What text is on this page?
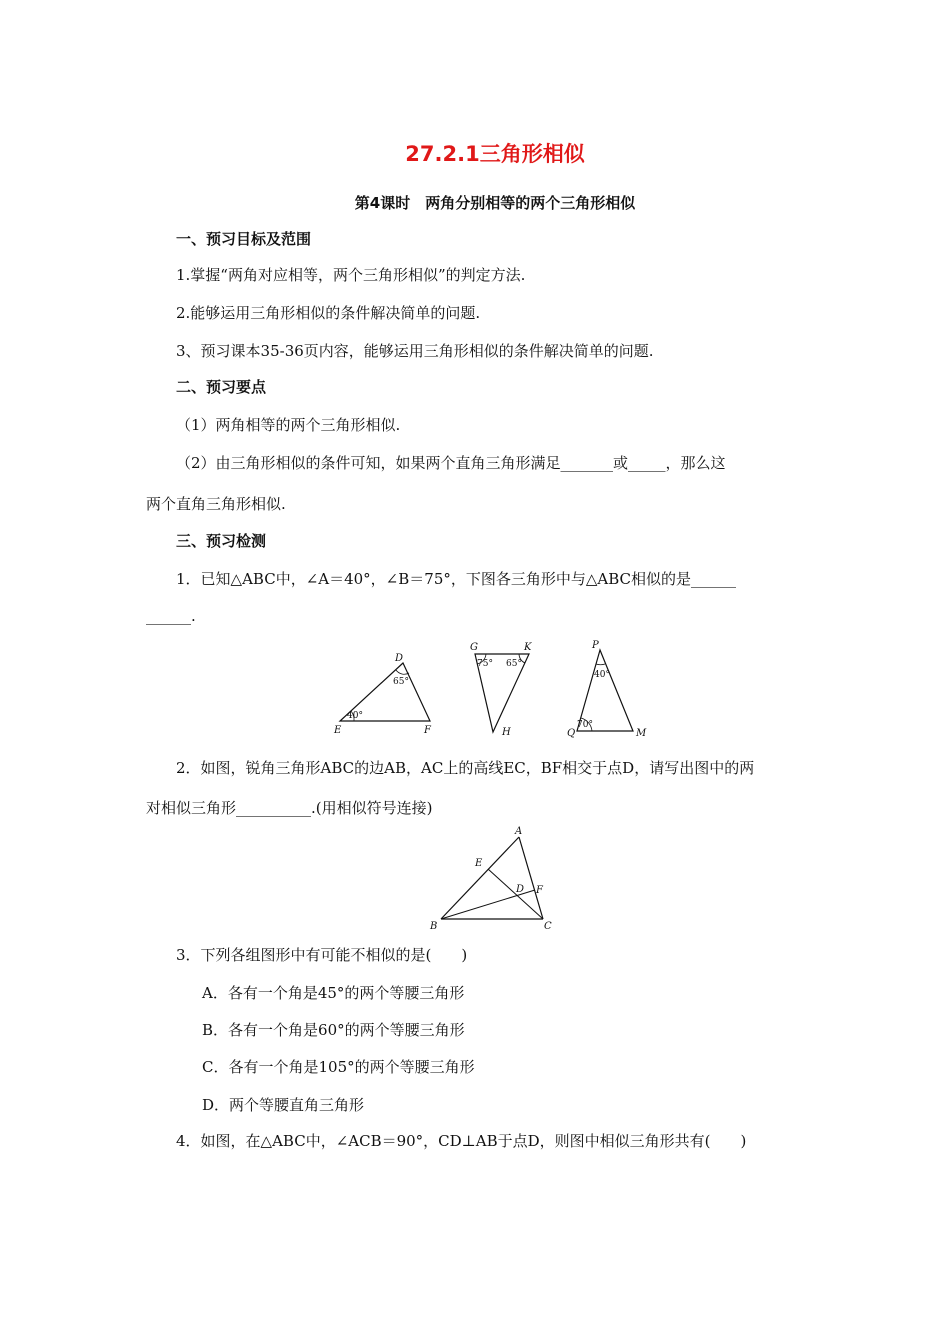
27.2.1三角形相似
第4课时　两角分别相等的两个三角形相似
一、预习目标及范围
1.掌握“两角对应相等，两个三角形相似”的判定方法.
2.能够运用三角形相似的条件解决简单的问题.
3、预习课本35-36页内容，能够运用三角形相似的条件解决简单的问题.
二、预习要点
（1）两角相等的两个三角形相似.
（2）由三角形相似的条件可知，如果两个直角三角形满足_______或_____，那么这
两个直角三角形相似.
三、预习检测
1．已知△ABC中，∠A＝40°，∠B＝75°，下图各三角形中与△ABC相似的是______
______.
D
E	F
65°
40°
G	K
H
75° 65°
P
Q	M
40°
70°
2．如图，锐角三角形ABC的边AB，AC上的高线EC，BF相交于点D，请写出图中的两
对相似三角形__________.(用相似符号连接)
A
E
D F
B	C
3．下列各组图形中有可能不相似的是(　　)
A．各有一个角是45°的两个等腰三角形
B．各有一个角是60°的两个等腰三角形
C．各有一个角是105°的两个等腰三角形
D．两个等腰直角三角形
4．如图，在△ABC中，∠ACB＝90°，CD⊥AB于点D，则图中相似三角形共有(　　)
